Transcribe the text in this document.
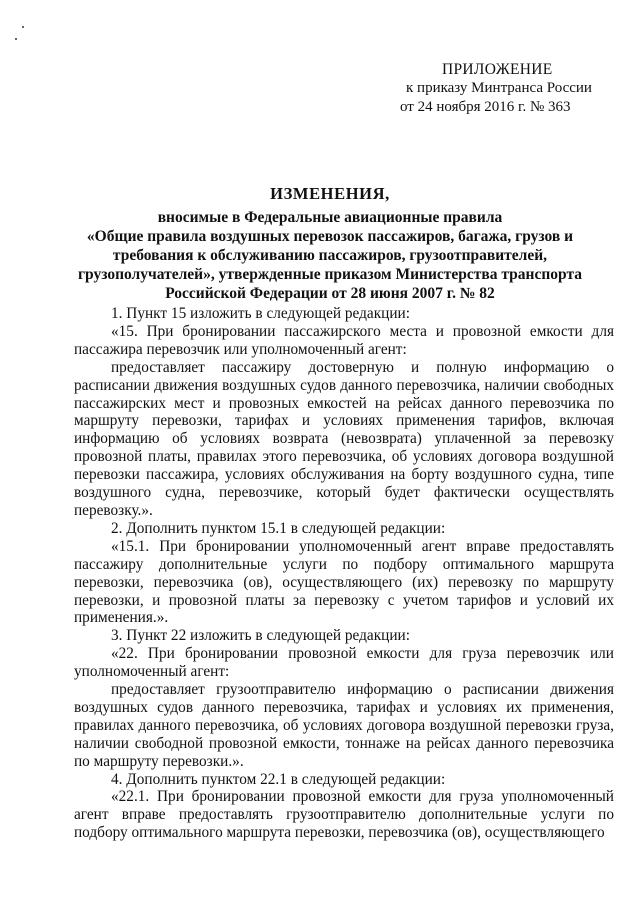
ПРИЛОЖЕНИЕ
к приказу Минтранса России
от 24 ноября 2016 г. № 363
ИЗМЕНЕНИЯ,
вносимые в Федеральные авиационные правила
«Общие правила воздушных перевозок пассажиров, багажа, грузов и
требования к обслуживанию пассажиров, грузоотправителей,
грузополучателей», утвержденные приказом Министерства транспорта
Российской Федерации от 28 июня 2007 г. № 82

1. Пункт 15 изложить в следующей редакции:

«15. При бронировании пассажирского места и провозной емкости для пассажира перевозчик или уполномоченный агент:

предоставляет пассажиру достоверную и полную информацию о расписании движения воздушных судов данного перевозчика, наличии свободных пассажирских мест и провозных емкостей на рейсах данного перевозчика по маршруту перевозки, тарифах и условиях применения тарифов, включая информацию об условиях возврата (невозврата) уплаченной за перевозку провозной платы, правилах этого перевозчика, об условиях договора воздушной перевозки пассажира, условиях обслуживания на борту воздушного судна, типе воздушного судна, перевозчике, который будет фактически осуществлять перевозку.».

2. Дополнить пунктом 15.1 в следующей редакции:

«15.1. При бронировании уполномоченный агент вправе предоставлять пассажиру дополнительные услуги по подбору оптимального маршрута перевозки, перевозчика (ов), осуществляющего (их) перевозку по маршруту перевозки, и провозной платы за перевозку с учетом тарифов и условий их применения.».

3. Пункт 22 изложить в следующей редакции:

«22. При бронировании провозной емкости для груза перевозчик или уполномоченный агент:

предоставляет грузоотправителю информацию о расписании движения воздушных судов данного перевозчика, тарифах и условиях их применения, правилах данного перевозчика, об условиях договора воздушной перевозки груза, наличии свободной провозной емкости, тоннаже на рейсах данного перевозчика по маршруту перевозки.».

4. Дополнить пунктом 22.1 в следующей редакции:

«22.1. При бронировании провозной емкости для груза уполномоченный агент вправе предоставлять грузоотправителю дополнительные услуги по подбору оптимального маршрута перевозки, перевозчика (ов), осуществляющего
